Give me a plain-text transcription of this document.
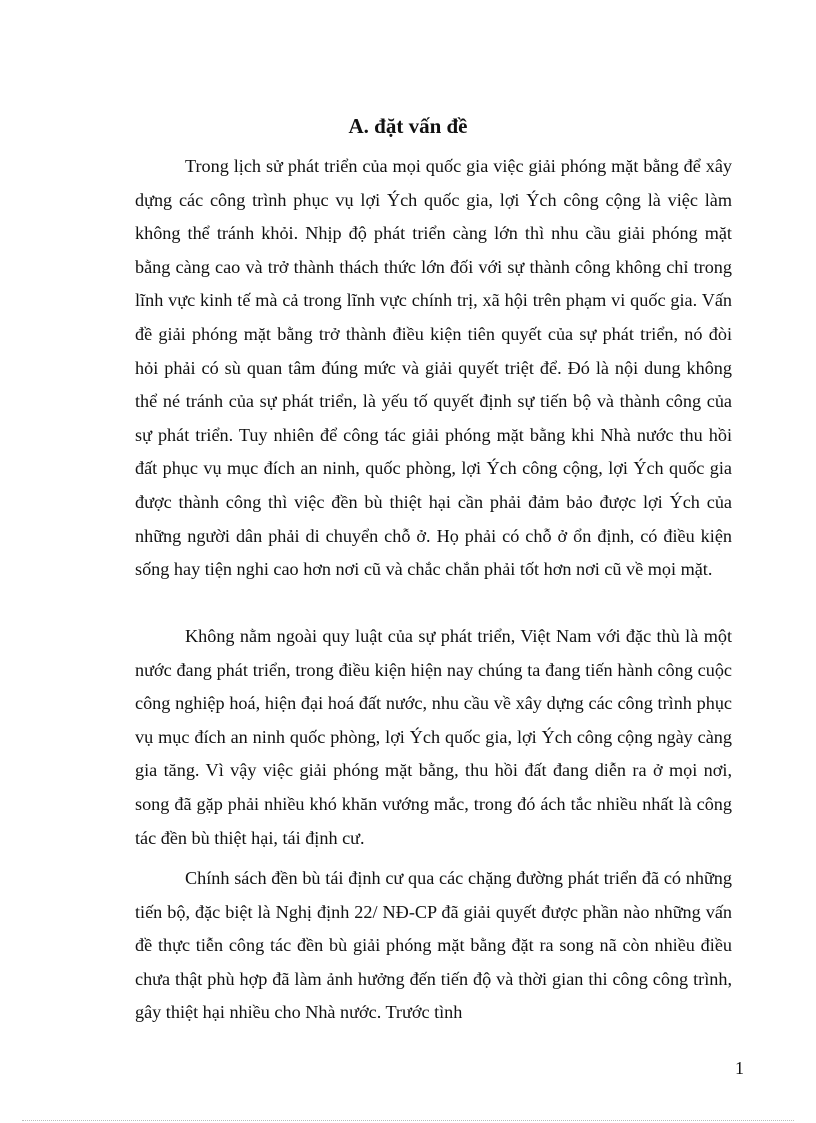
A. đặt vấn đề

Trong lịch sử phát triển của mọi quốc gia việc giải phóng mặt bằng để xây dựng các công trình phục vụ lợi Ých quốc gia, lợi Ých công cộng là việc làm không thể tránh khỏi. Nhịp độ phát triển càng lớn thì nhu cầu giải phóng mặt bằng càng cao và trở thành thách thức lớn đối với sự thành công không chỉ trong lĩnh vực kinh tế mà cả trong lĩnh vực chính trị, xã hội trên phạm vi quốc gia. Vấn đề giải phóng mặt bằng trở thành điều kiện tiên quyết của sự phát triển, nó đòi hỏi phải có sù quan tâm đúng mức và giải quyết triệt để. Đó là nội dung không thể né tránh của sự phát triển, là yếu tố quyết định sự tiến bộ và thành công của sự phát triển. Tuy nhiên để công tác giải phóng mặt bằng khi Nhà nước thu hồi đất phục vụ mục đích an ninh, quốc phòng, lợi Ých công cộng, lợi Ých quốc gia được thành công thì việc đền bù thiệt hại cần phải đảm bảo được lợi Ých của những người dân phải di chuyển chỗ ở. Họ phải có chỗ ở ổn định, có điều kiện sống hay tiện nghi cao hơn nơi cũ và chắc chắn phải tốt hơn nơi cũ về mọi mặt.

Không nằm ngoài quy luật của sự phát triển, Việt Nam với đặc thù là một nước đang phát triển, trong điều kiện hiện nay chúng ta đang tiến hành công cuộc công nghiệp hoá, hiện đại hoá đất nước, nhu cầu về xây dựng các công trình phục vụ mục đích an ninh quốc phòng, lợi Ých quốc gia, lợi Ých công cộng ngày càng gia tăng. Vì vậy việc giải phóng mặt bằng, thu hồi đất đang diễn ra ở mọi nơi, song đã gặp phải nhiều khó khăn vướng mắc, trong đó ách tắc nhiều nhất là công tác đền bù thiệt hại, tái định cư.

Chính sách đền bù tái định cư qua các chặng đường phát triển đã có những tiến bộ, đặc biệt là Nghị định 22/ NĐ-CP đã giải quyết được phần nào những vấn đề thực tiễn công tác đền bù giải phóng mặt bằng đặt ra song nã còn nhiều điều chưa thật phù hợp đã làm ảnh hưởng đến tiến độ và thời gian thi công công trình, gây thiệt hại nhiều cho Nhà nước. Trước tình

1
